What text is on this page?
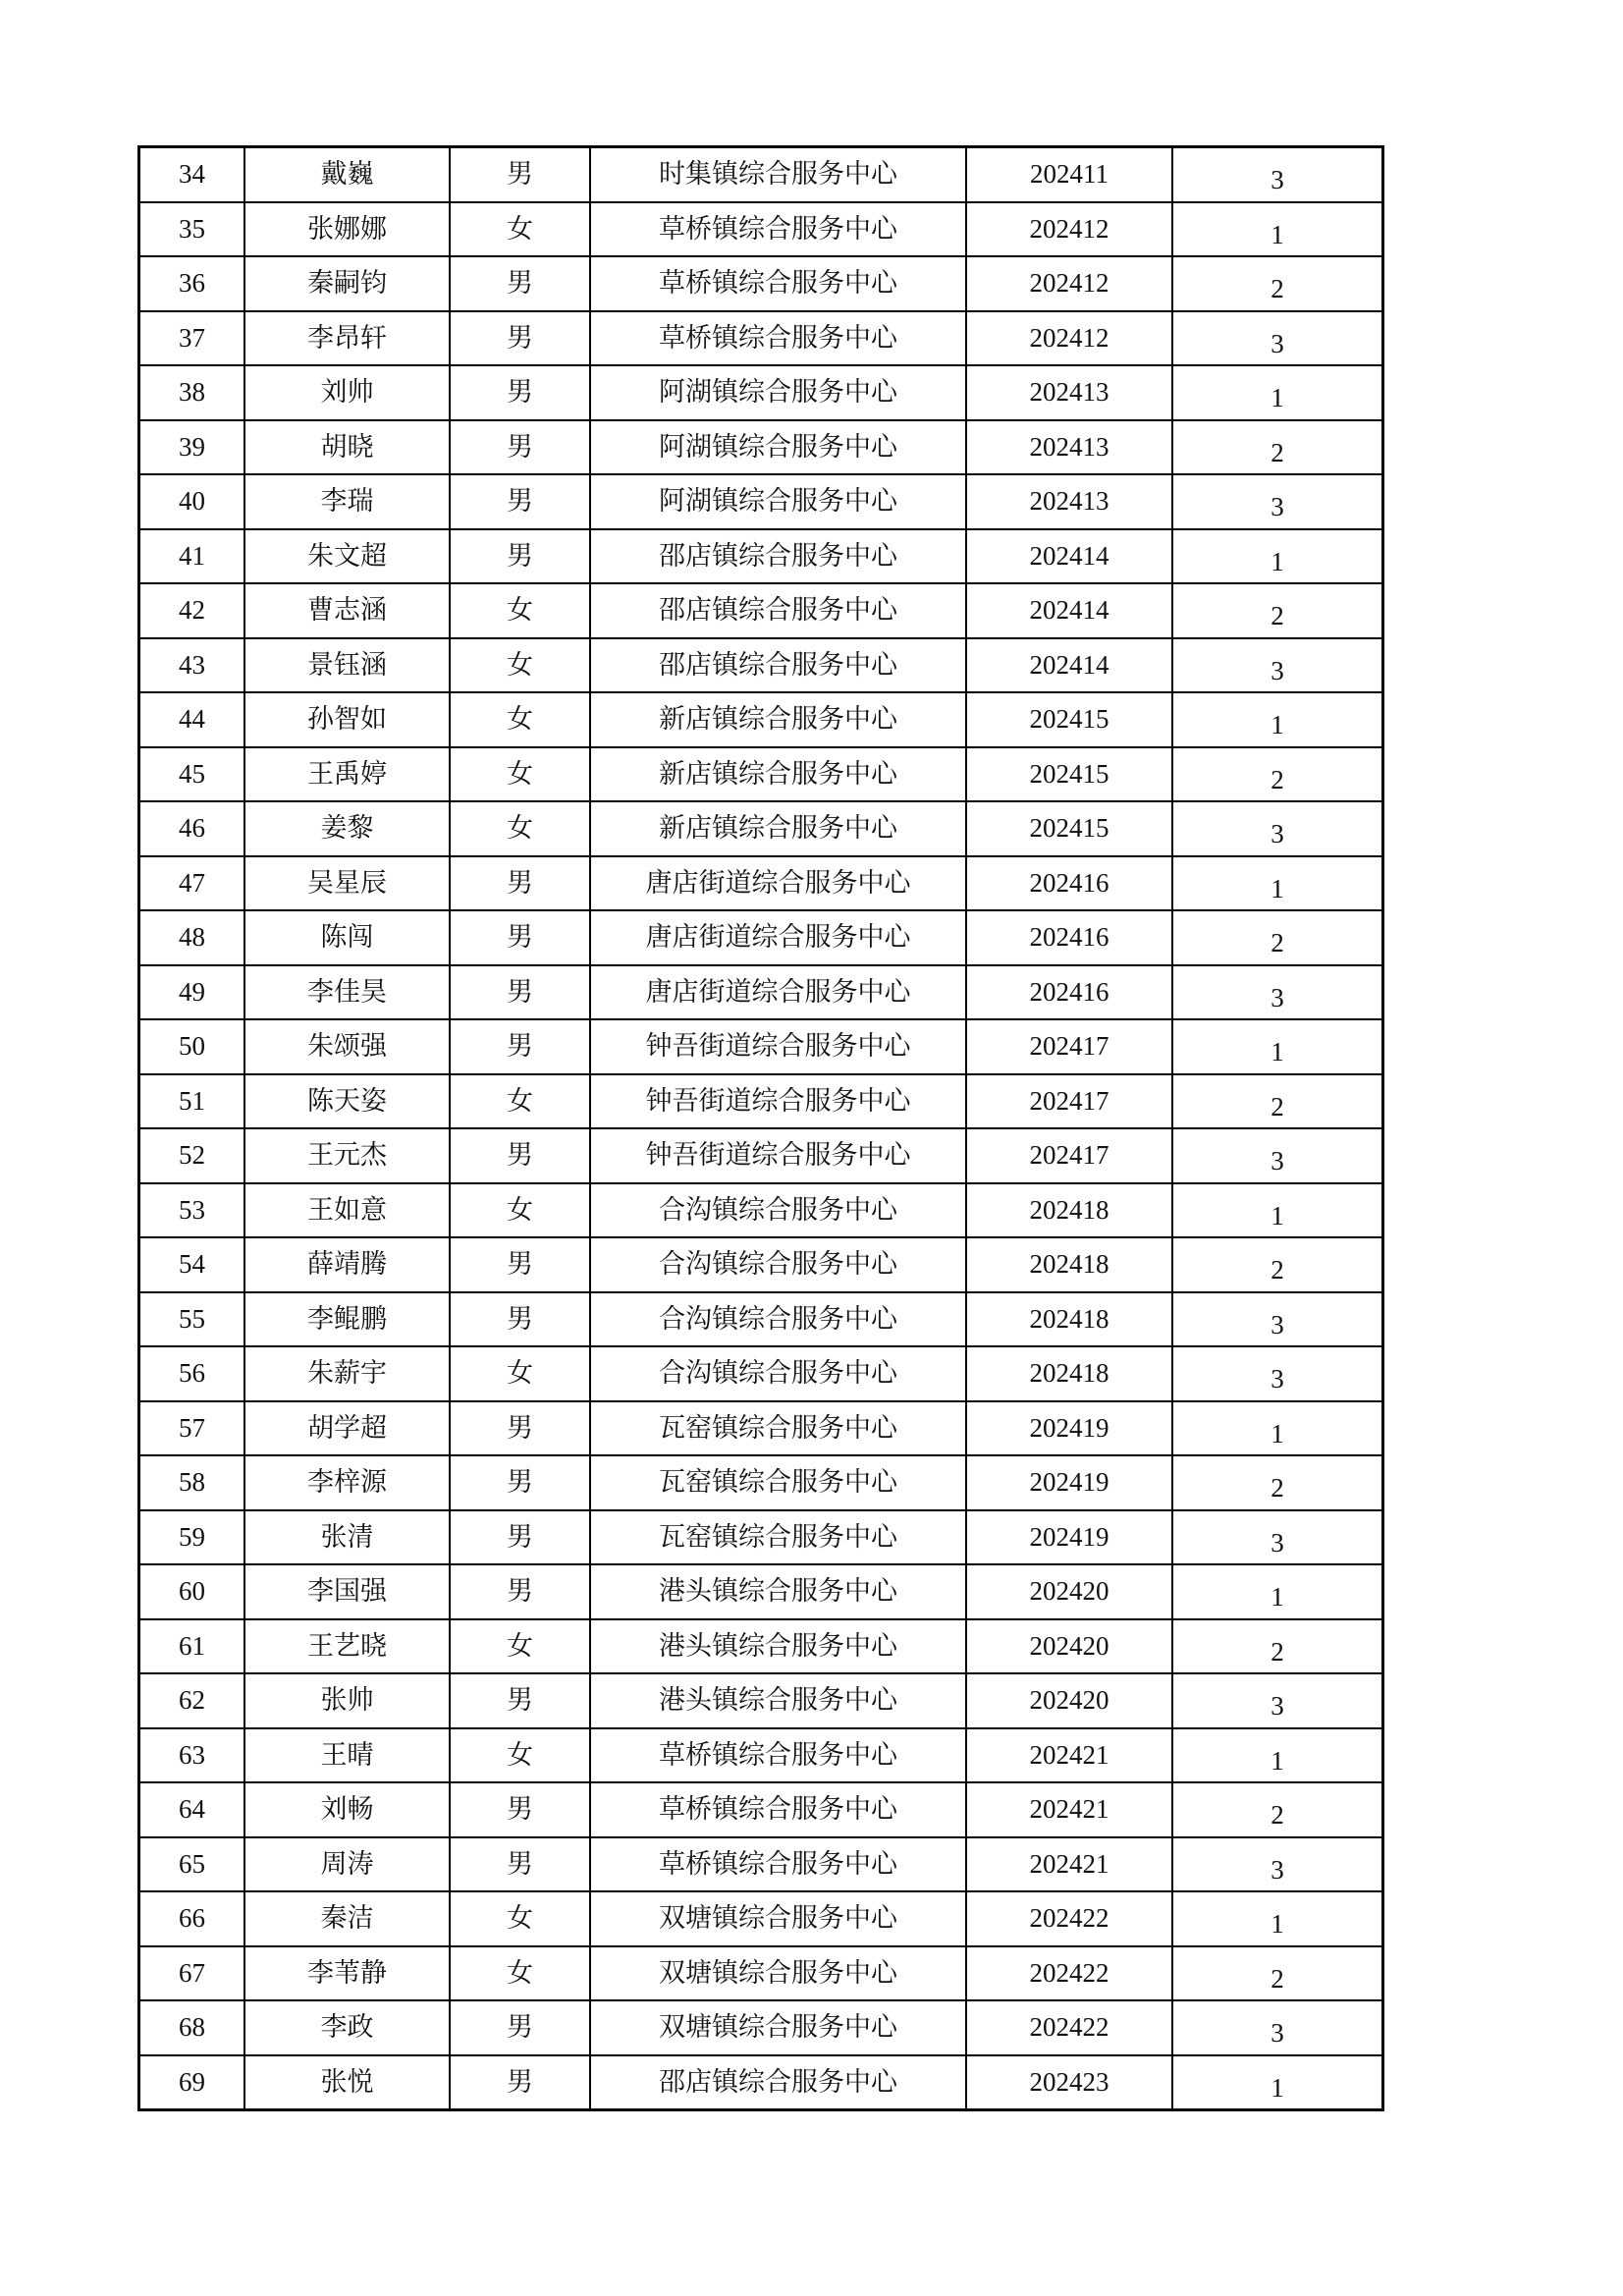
34	戴巍	男	时集镇综合服务中心	202411	3
35	张娜娜	女	草桥镇综合服务中心	202412	1
36	秦嗣钧	男	草桥镇综合服务中心	202412	2
37	李昂轩	男	草桥镇综合服务中心	202412	3
38	刘帅	男	阿湖镇综合服务中心	202413	1
39	胡晓	男	阿湖镇综合服务中心	202413	2
40	李瑞	男	阿湖镇综合服务中心	202413	3
41	朱文超	男	邵店镇综合服务中心	202414	1
42	曹志涵	女	邵店镇综合服务中心	202414	2
43	景钰涵	女	邵店镇综合服务中心	202414	3
44	孙智如	女	新店镇综合服务中心	202415	1
45	王禹婷	女	新店镇综合服务中心	202415	2
46	姜黎	女	新店镇综合服务中心	202415	3
47	吴星辰	男	唐店街道综合服务中心	202416	1
48	陈闯	男	唐店街道综合服务中心	202416	2
49	李佳昊	男	唐店街道综合服务中心	202416	3
50	朱颂强	男	钟吾街道综合服务中心	202417	1
51	陈天姿	女	钟吾街道综合服务中心	202417	2
52	王元杰	男	钟吾街道综合服务中心	202417	3
53	王如意	女	合沟镇综合服务中心	202418	1
54	薛靖腾	男	合沟镇综合服务中心	202418	2
55	李鲲鹏	男	合沟镇综合服务中心	202418	3
56	朱薪宇	女	合沟镇综合服务中心	202418	3
57	胡学超	男	瓦窑镇综合服务中心	202419	1
58	李梓源	男	瓦窑镇综合服务中心	202419	2
59	张清	男	瓦窑镇综合服务中心	202419	3
60	李国强	男	港头镇综合服务中心	202420	1
61	王艺晓	女	港头镇综合服务中心	202420	2
62	张帅	男	港头镇综合服务中心	202420	3
63	王晴	女	草桥镇综合服务中心	202421	1
64	刘畅	男	草桥镇综合服务中心	202421	2
65	周涛	男	草桥镇综合服务中心	202421	3
66	秦洁	女	双塘镇综合服务中心	202422	1
67	李苇静	女	双塘镇综合服务中心	202422	2
68	李政	男	双塘镇综合服务中心	202422	3
69	张悦	男	邵店镇综合服务中心	202423	1
